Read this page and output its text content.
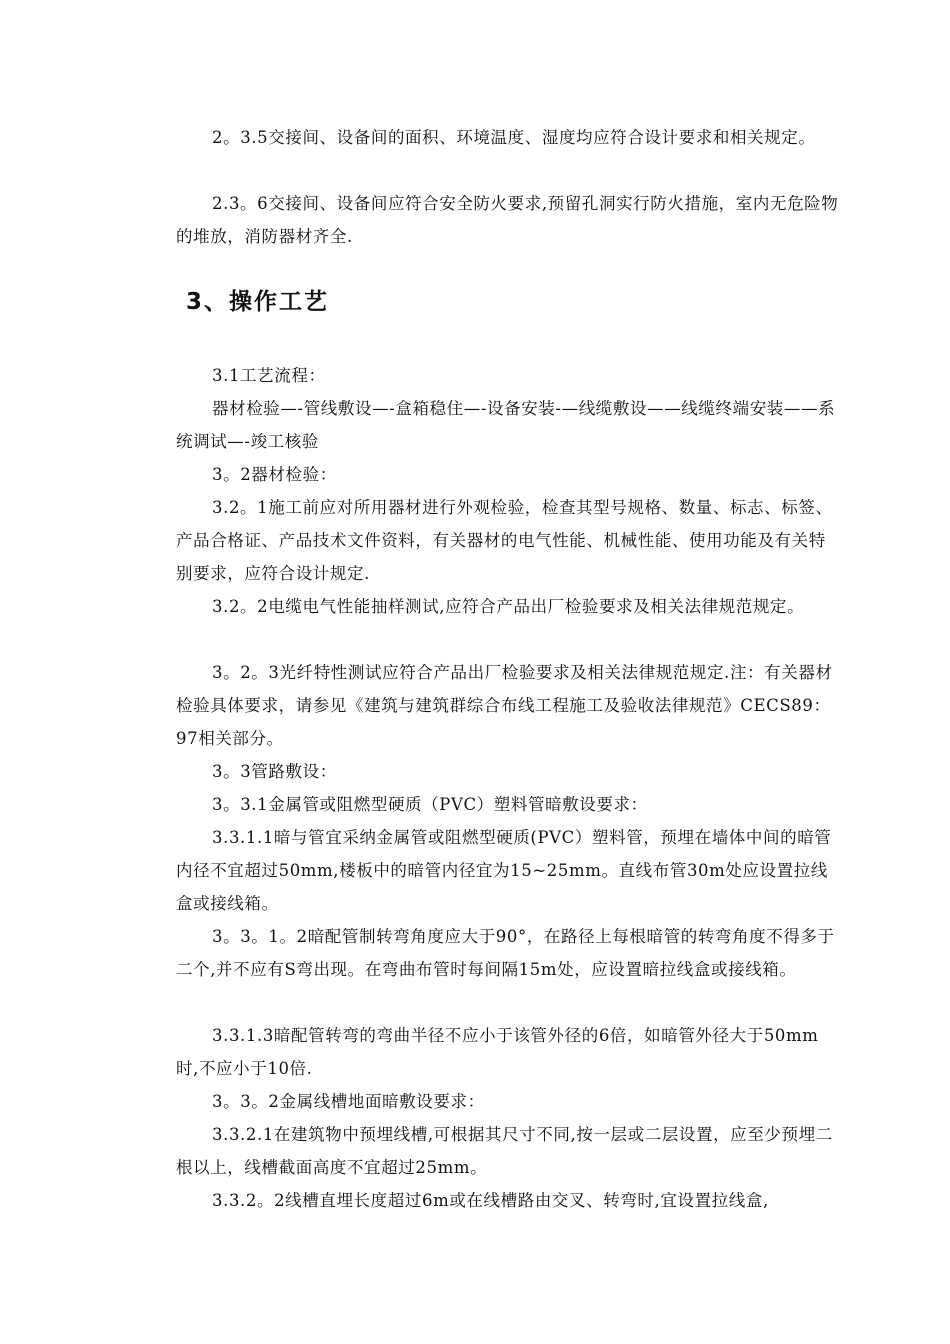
2。3.5交接间、设备间的面积、环境温度、湿度均应符合设计要求和相关规定。
2.3。6交接间、设备间应符合安全防火要求,预留孔洞实行防火措施，室内无危险物的堆放，消防器材齐全.
3、操作工艺
3.1工艺流程：
器材检验—-管线敷设—-盒箱稳住—-设备安装-—线缆敷设——线缆终端安装——系统调试—-竣工核验
3。2器材检验：
3.2。1施工前应对所用器材进行外观检验，检查其型号规格、数量、标志、标签、产品合格证、产品技术文件资料，有关器材的电气性能、机械性能、使用功能及有关特别要求，应符合设计规定.
3.2。2电缆电气性能抽样测试,应符合产品出厂检验要求及相关法律规范规定。
3。2。3光纤特性测试应符合产品出厂检验要求及相关法律规范规定.注：有关器材检验具体要求，请参见《建筑与建筑群综合布线工程施工及验收法律规范》CECS89：97相关部分。
3。3管路敷设：
3。3.1金属管或阻燃型硬质（PVC）塑料管暗敷设要求：
3.3.1.1暗与管宜采纳金属管或阻燃型硬质(PVC）塑料管，预埋在墙体中间的暗管内径不宜超过50mm,楼板中的暗管内径宜为15~25mm。直线布管30m处应设置拉线盒或接线箱。
3。3。1。2暗配管制转弯角度应大于90°，在路径上每根暗管的转弯角度不得多于二个,并不应有S弯出现。在弯曲布管时每间隔15m处，应设置暗拉线盒或接线箱。
3.3.1.3暗配管转弯的弯曲半径不应小于该管外径的6倍，如暗管外径大于50mm时,不应小于10倍.
3。3。2金属线槽地面暗敷设要求：
3.3.2.1在建筑物中预埋线槽,可根据其尺寸不同,按一层或二层设置，应至少预埋二根以上，线槽截面高度不宜超过25mm。
3.3.2。2线槽直埋长度超过6m或在线槽路由交叉、转弯时,宜设置拉线盒,
